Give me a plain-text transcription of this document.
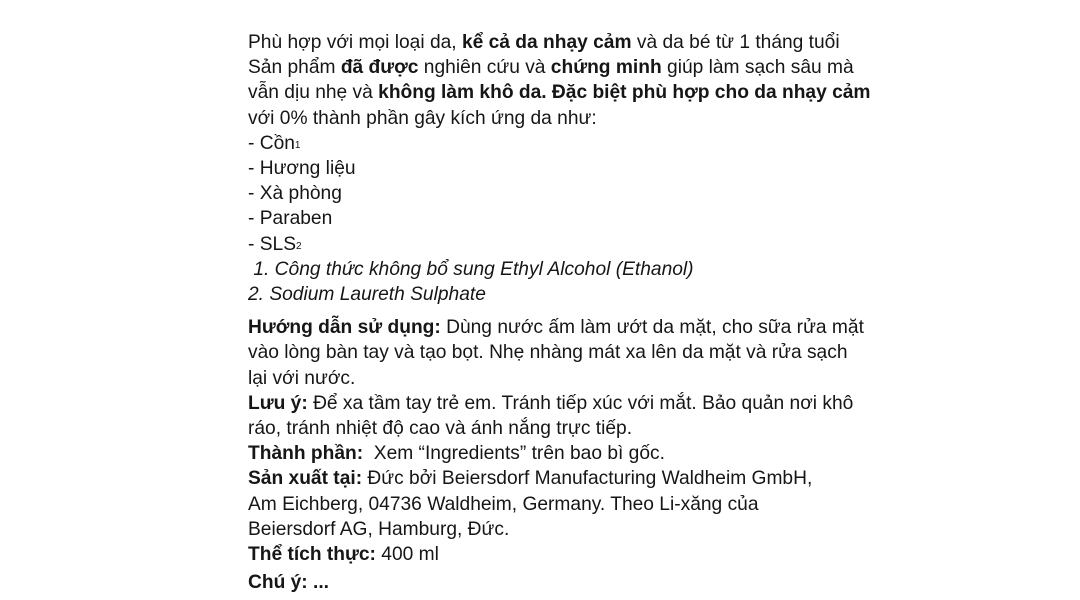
Phù hợp với mọi loại da, kể cả da nhạy cảm và da bé từ 1 tháng tuổi
Sản phẩm đã được nghiên cứu và chứng minh giúp làm sạch sâu mà
vẫn dịu nhẹ và không làm khô da. Đặc biệt phù hợp cho da nhạy cảm
với 0% thành phần gây kích ứng da như:
- Cồn$^1$
- Hương liệu
- Xà phòng
- Paraben
- SLS$^2$
1. Công thức không bổ sung Ethyl Alcohol (Ethanol)
2. Sodium Laureth Sulphate
Hướng dẫn sử dụng: Dùng nước ấm làm ướt da mặt, cho sữa rửa mặt
vào lòng bàn tay và tạo bọt. Nhẹ nhàng mát xa lên da mặt và rửa sạch
lại với nước.
Lưu ý: Để xa tầm tay trẻ em. Tránh tiếp xúc với mắt. Bảo quản nơi khô
ráo, tránh nhiệt độ cao và ánh nắng trực tiếp.
Thành phần:  Xem “Ingredients” trên bao bì gốc.
Sản xuất tại: Đức bởi Beiersdorf Manufacturing Waldheim GmbH,
Am Eichberg, 04736 Waldheim, Germany. Theo Li-xăng của
Beiersdorf AG, Hamburg, Đức.
Thể tích thực: 400 ml
Chú ý: ...
